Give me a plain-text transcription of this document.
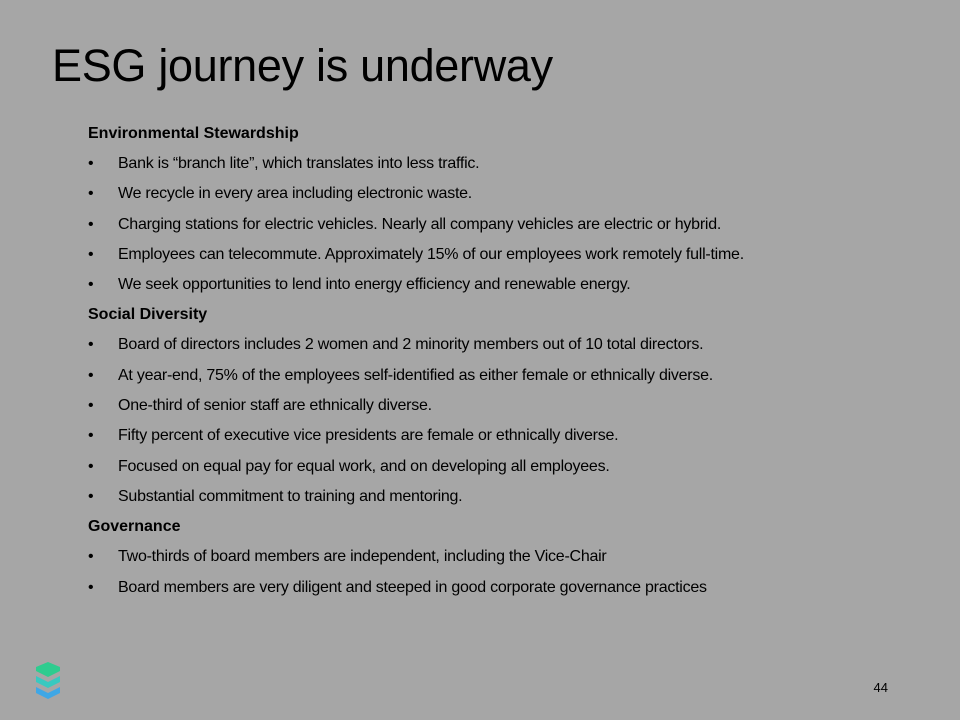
ESG journey is underway
Environmental Stewardship
• Bank is “branch lite”, which translates into less traffic.
• We recycle in every area including electronic waste.
• Charging stations for electric vehicles. Nearly all company vehicles are electric or hybrid.
• Employees can telecommute. Approximately 15% of our employees work remotely full-time.
• We seek opportunities to lend into energy efficiency and renewable energy.
Social Diversity
• Board of directors includes 2 women and 2 minority members out of 10 total directors.
• At year-end, 75% of the employees self-identified as either female or ethnically diverse.
• One-third of senior staff are ethnically diverse.
• Fifty percent of executive vice presidents are female or ethnically diverse.
• Focused on equal pay for equal work, and on developing all employees.
• Substantial commitment to training and mentoring.
Governance
• Two-thirds of board members are independent, including the Vice-Chair
• Board members are very diligent and steeped in good corporate governance practices
44
